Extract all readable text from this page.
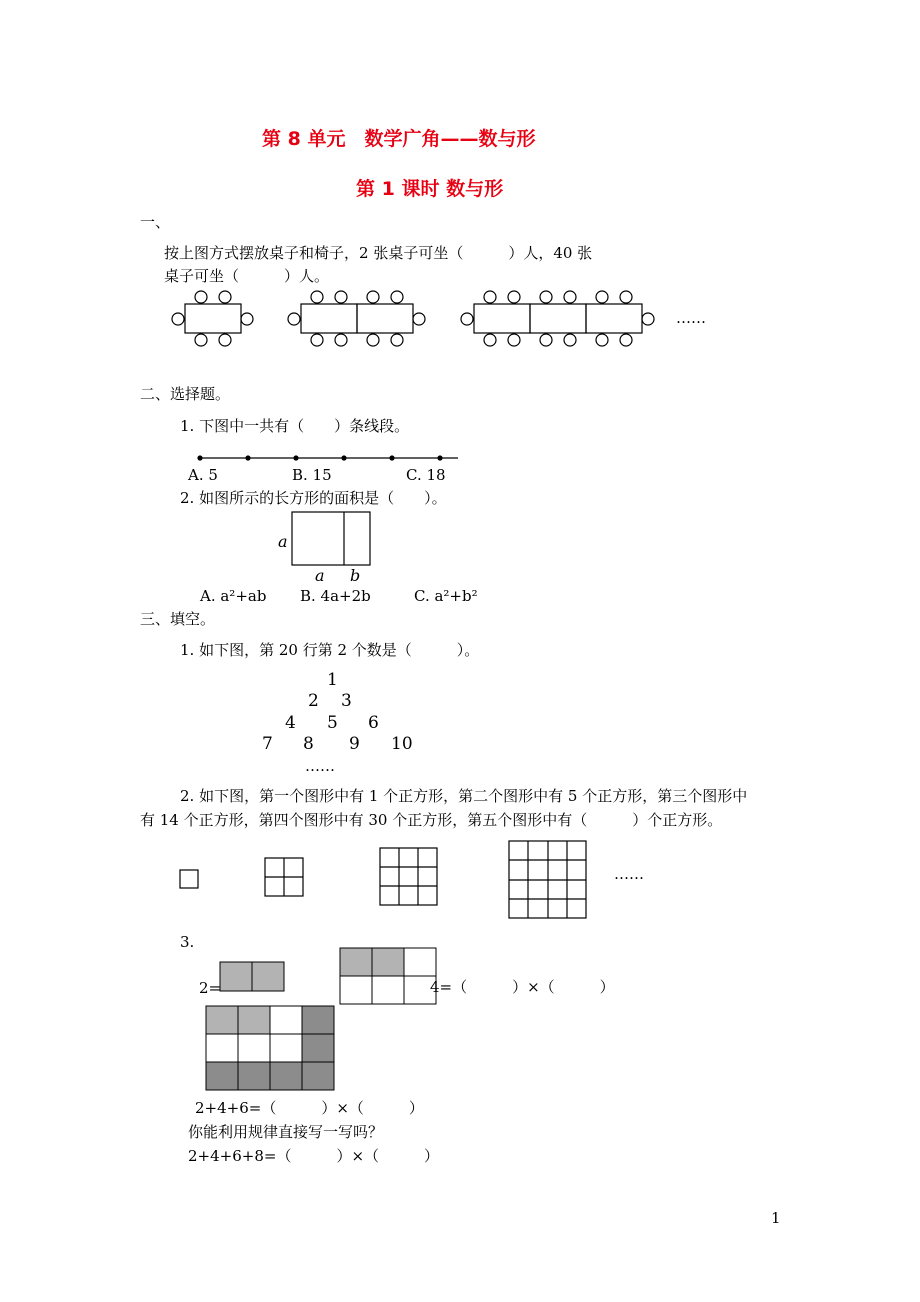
第 8 单元　数学广角——数与形
第 1 课时 数与形
一、
按上图方式摆放桌子和椅子，2 张桌子可坐（　　　）人，40 张
桌子可坐（　　　）人。
……
二、选择题。
1. 下图中一共有（　　）条线段。
A. 5	B. 15	C. 18
2. 如图所示的长方形的面积是（　　）。
a
a b
A. a²+ab B. 4a+2b	C. a²+b²
三、填空。
1. 如下图，第 20 行第 2 个数是（　　　）。
1
2 3
4 5 6
7 8 9 10
……
2. 如下图，第一个图形中有 1 个正方形，第二个图形中有 5 个正方形，第三个图形中
有 14 个正方形，第四个图形中有 30 个正方形，第五个图形中有（　　　）个正方形。
……
3.
2=	4=（　　　）×（　　　）
2+4+6=（　　　）×（　　　）
你能利用规律直接写一写吗？
2+4+6+8=（　　　）×（　　　）
1
